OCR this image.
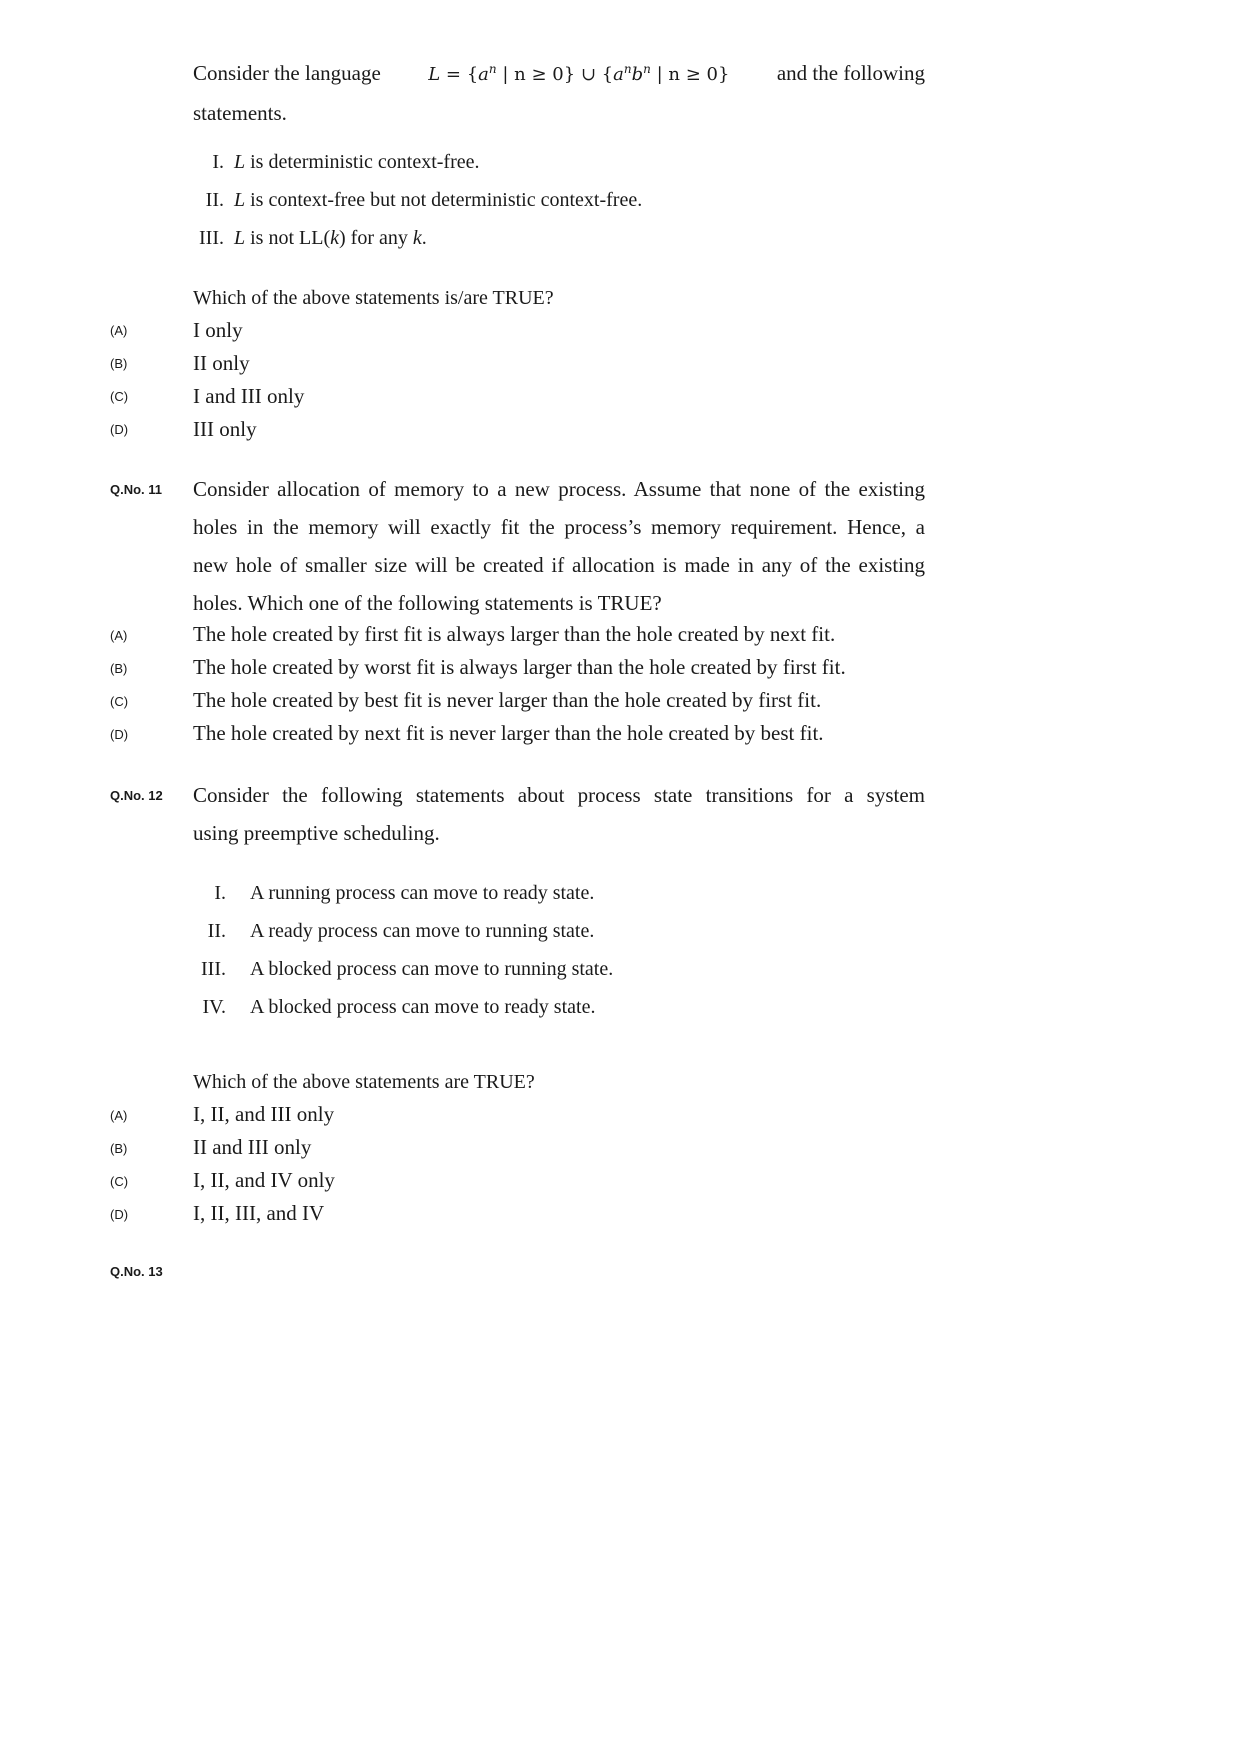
Consider the language	$L = \{a^n$ | n ≥ 0} ∪ {$a^nb^n$ | n ≥ 0} and the following
statements.
I. L is deterministic context-free.
II. L is context-free but not deterministic context-free.
III. L is not LL(k) for any k.
Which of the above statements is/are TRUE?
(A)	I only
(B)	II only
(C)	I and III only
(D)	III only
Q.No. 11 Consider allocation of memory to a new process. Assume that none of the existing
holes in the memory will exactly fit the process’s memory requirement. Hence, a
new hole of smaller size will be created if allocation is made in any of the existing
holes. Which one of the following statements is TRUE?
(A)	The hole created by first fit is always larger than the hole created by next fit.
(B)	The hole created by worst fit is always larger than the hole created by first fit.
(C)	The hole created by best fit is never larger than the hole created by first fit.
(D)	The hole created by next fit is never larger than the hole created by best fit.
Q.No. 12 Consider the following statements about process state transitions for a system
using preemptive scheduling.
I. A running process can move to ready state.
II. A ready process can move to running state.
III. A blocked process can move to running state.
IV. A blocked process can move to ready state.
Which of the above statements are TRUE?
(A)	I, II, and III only
(B)	II and III only
(C)	I, II, and IV only
(D)	I, II, III, and IV
Q.No. 13
